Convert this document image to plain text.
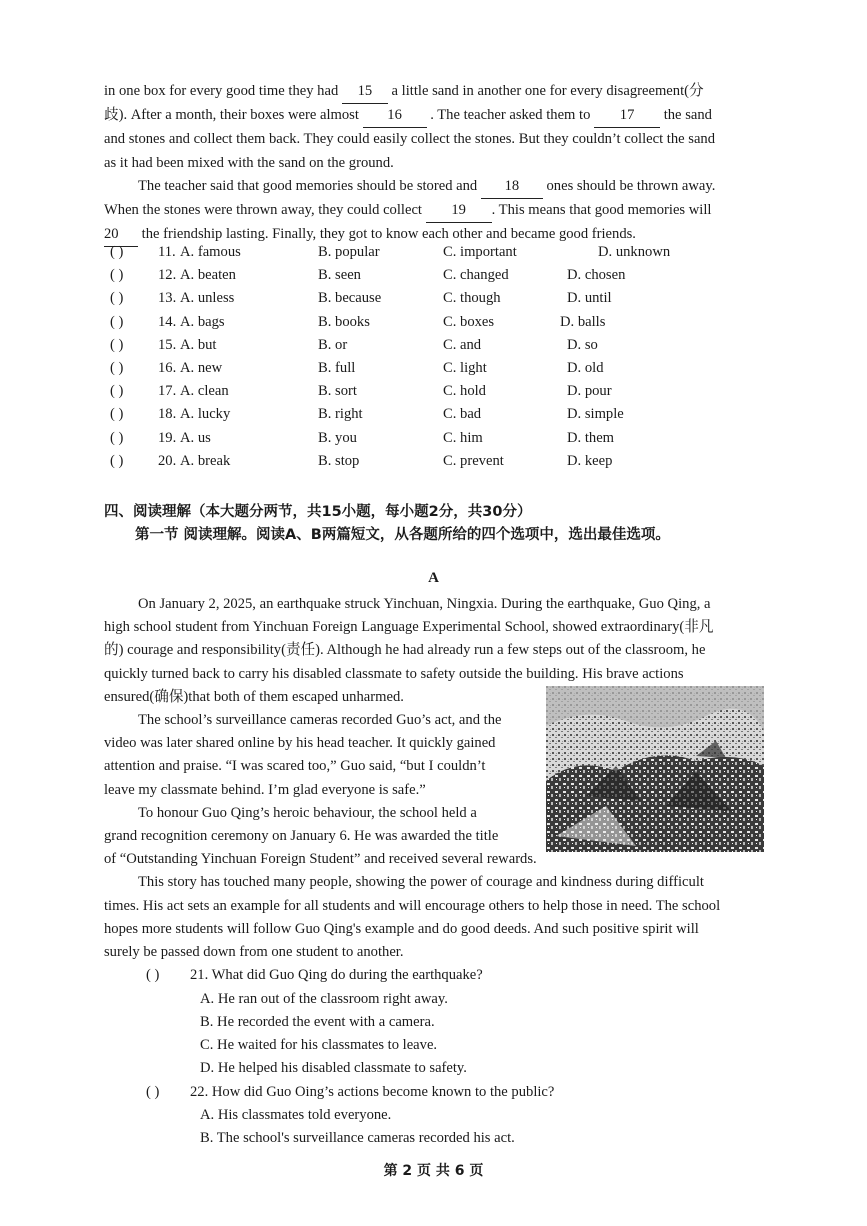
in one box for every good time they had 15 a little sand in another one for every disagreement(分
歧). After a month, their boxes were almost 16 . The teacher asked them to 17 the sand
and stones and collect them back. They could easily collect the stones. But they couldn’t collect the sand
as it had been mixed with the sand on the ground.
The teacher said that good memories should be stored and 18 ones should be thrown away.
When the stones were thrown away, they could collect 19 . This means that good memories will
20 the friendship lasting. Finally, they got to know each other and became good friends.
( ) 11. A. famous	B. popular	C. important	D. unknown
( ) 12. A. beaten	B. seen	C. changed	D. chosen
( ) 13. A. unless	B. because	C. though	D. until
( ) 14. A. bags	B. books	C. boxes	D. balls
( ) 15. A. but	B. or	C. and	D. so
( ) 16. A. new	B. full	C. light	D. old
( ) 17. A. clean	B. sort	C. hold	D. pour
( ) 18. A. lucky	B. right	C. bad	D. simple
( ) 19. A. us	B. you	C. him	D. them
( ) 20. A. break	B. stop	C. prevent	D. keep
四、阅读理解（本大题分两节，共15小题，每小题2分，共30分）
第一节 阅读理解。阅读A、B两篇短文，从各题所给的四个选项中，选出最佳选项。
A
On January 2, 2025, an earthquake struck Yinchuan, Ningxia. During the earthquake, Guo Qing, a
high school student from Yinchuan Foreign Language Experimental School, showed extraordinary(非凡
的) courage and responsibility(责任). Although he had already run a few steps out of the classroom, he
quickly turned back to carry his disabled classmate to safety outside the building. His brave actions
ensured(确保)that both of them escaped unharmed.
The school’s surveillance cameras recorded Guo’s act, and the
video was later shared online by his head teacher. It quickly gained
attention and praise. “I was scared too,” Guo said, “but I couldn’t
leave my classmate behind. I’m glad everyone is safe.”
To honour Guo Qing’s heroic behaviour, the school held a
grand recognition ceremony on January 6. He was awarded the title
of “Outstanding Yinchuan Foreign Student” and received several rewards.
This story has touched many people, showing the power of courage and kindness during difficult
times. His act sets an example for all students and will encourage others to help those in need. The school
hopes more students will follow Guo Qing's example and do good deeds. And such positive spirit will
surely be passed down from one student to another.
( ) 21. What did Guo Qing do during the earthquake?
A. He ran out of the classroom right away.
B. He recorded the event with a camera.
C. He waited for his classmates to leave.
D. He helped his disabled classmate to safety.
( ) 22. How did Guo Oing’s actions become known to the public?
A. His classmates told everyone.
B. The school's surveillance cameras recorded his act.
第 2 页 共 6 页
